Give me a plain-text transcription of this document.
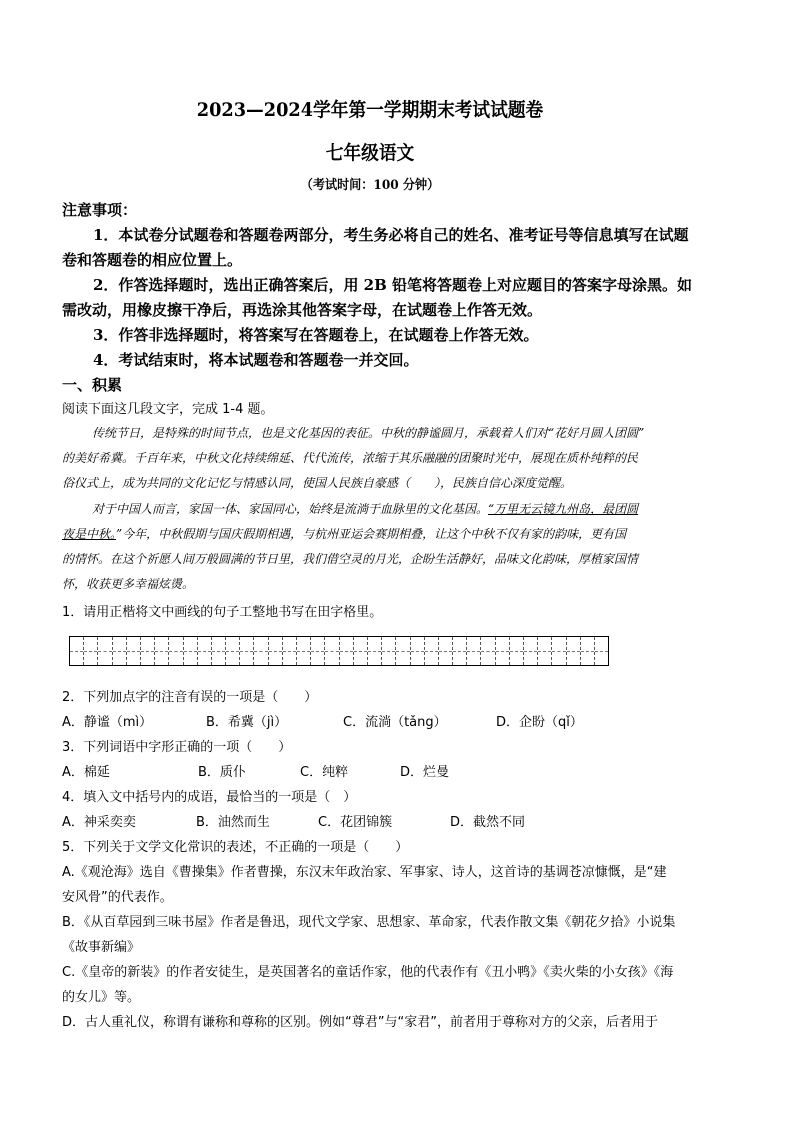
2023—2024学年第一学期期末考试试题卷
七年级语文
（考试时间：100 分钟）
注意事项：
1．本试卷分试题卷和答题卷两部分，考生务必将自己的姓名、准考证号等信息填写在试题
卷和答题卷的相应位置上。
2．作答选择题时，选出正确答案后，用 2B 铅笔将答题卷上对应题目的答案字母涂黑。如
需改动，用橡皮擦干净后，再选涂其他答案字母，在试题卷上作答无效。
3．作答非选择题时，将答案写在答题卷上，在试题卷上作答无效。
4．考试结束时，将本试题卷和答题卷一并交回。
一、积累
阅读下面这几段文字，完成 1-4 题。
传统节日，是特殊的时间节点，也是文化基因的表征。中秋的静谧圆月，承载着人们对“花好月圆人团圆”
的美好希冀。千百年来，中秋文化持续绵延、代代流传，浓缩于其乐融融的团聚时光中，展现在质朴纯粹的民
俗仪式上，成为共同的文化记忆与情感认同，使国人民族自豪感（　　），民族自信心深度觉醒。
对于中国人而言，家国一体、家国同心，始终是流淌于血脉里的文化基因。“万里无云镜九州岛，最团圆
夜是中秋。”今年，中秋假期与国庆假期相遇，与杭州亚运会赛期相叠，让这个中秋不仅有家的韵味，更有国
的情怀。在这个祈愿人间万般圆满的节日里，我们借空灵的月光，企盼生活静好，品味文化韵味，厚植家国情
怀，收获更多幸福炫燙。
1．请用正楷将文中画线的句子工整地书写在田字格里。
2．下列加点字的注音有误的一项是（　　）
A．静谧（mì）	B．希冀（jì）	C．流淌（tǎng）	D．企盼（qǐ）
3．下列词语中字形正确的一项（　　）
A．棉延	B．质仆	C．纯粹	D．烂曼
4．填入文中括号内的成语，最恰当的一项是（　）
A．神采奕奕	B．油然而生	C．花团锦簇	D．截然不同
5．下列关于文学文化常识的表述，不正确的一项是（　　）
A.《观沧海》选自《曹操集》作者曹操，东汉末年政治家、军事家、诗人，这首诗的基调苍凉慷慨，是“建
安风骨”的代表作。
B．《从百草园到三味书屋》作者是鲁迅，现代文学家、思想家、革命家，代表作散文集《朝花夕拾》小说集
《故事新编》
C.《皇帝的新装》的作者安徒生，是英国著名的童话作家，他的代表作有《丑小鸭》《卖火柴的小女孩》《海
的女儿》等。
D．古人重礼仪，称谓有谦称和尊称的区别。例如“尊君”与“家君”，前者用于尊称对方的父亲，后者用于
